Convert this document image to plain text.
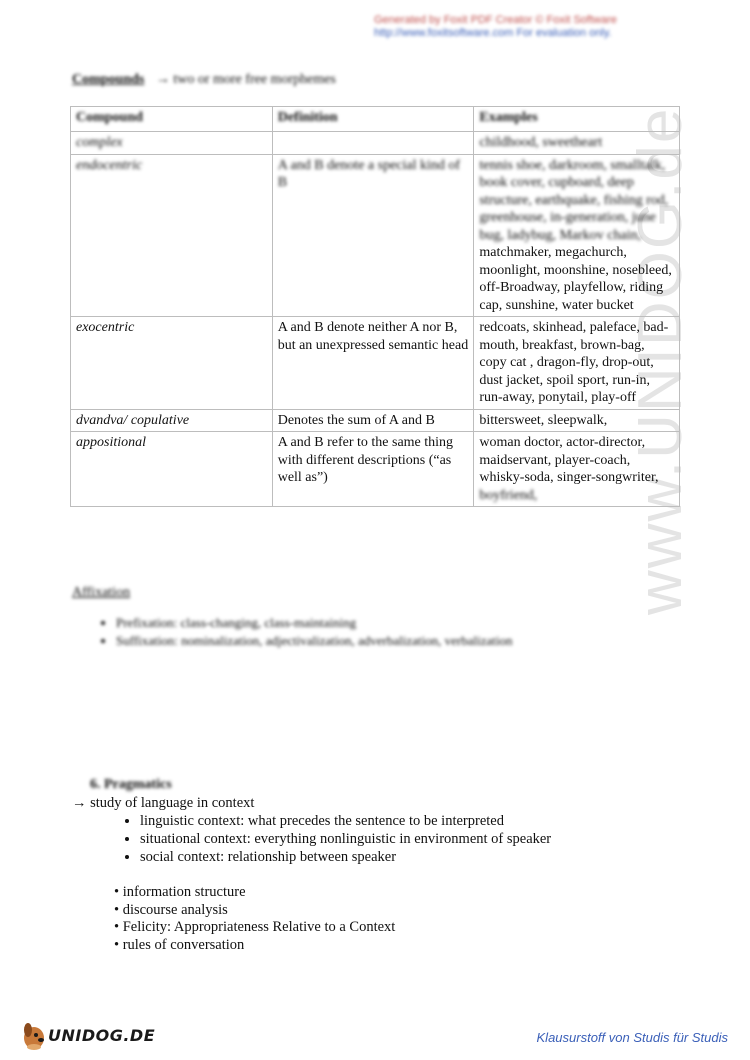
Generated by Foxit PDF Creator © Foxit Software
http://www.foxitsoftware.com For evaluation only.
www.UNIDOG.de
Compounds → two or more free morphemes
Compound	Definition	Examples
complex		childhood, sweetheart
endocentric	A and B denote a special kind of B	tennis shoe, darkroom, smalltalk, book cover, cupboard, deep structure, earthquake, fishing rod, greenhouse, in-generation, june bug, ladybug, Markov chain,
matchmaker, megachurch, moonlight, moonshine, nosebleed, off-Broadway, playfellow, riding cap, sunshine, water bucket

exocentric	A and B denote neither A nor B, but an unexpressed semantic head	redcoats, skinhead, paleface, bad-mouth, breakfast, brown-bag, copy cat , dragon-fly, drop-out, dust jacket, spoil sport, run-in, run-away, ponytail, play-off
dvandva/ copulative	Denotes the sum of A and B	bittersweet, sleepwalk,
appositional	A and B refer to the same thing with different descriptions (“as well as”)	woman doctor, actor-director, maidservant, player-coach, whisky-soda, singer-songwriter,
boyfriend,
Affixation
• Prefixation: class-changing, class-maintaining
• Suffixation: nominalization, adjectivalization, adverbalization, verbalization
6. Pragmatics
→ study of language in context
• linguistic context: what precedes the sentence to be interpreted
• situational context: everything nonlinguistic in environment of speaker
• social context: relationship between speaker
• information structure
• discourse analysis
• Felicity: Appropriateness Relative to a Context
• rules of conversation
UNIDOG.DE	Klausurstoff von Studis für Studis
